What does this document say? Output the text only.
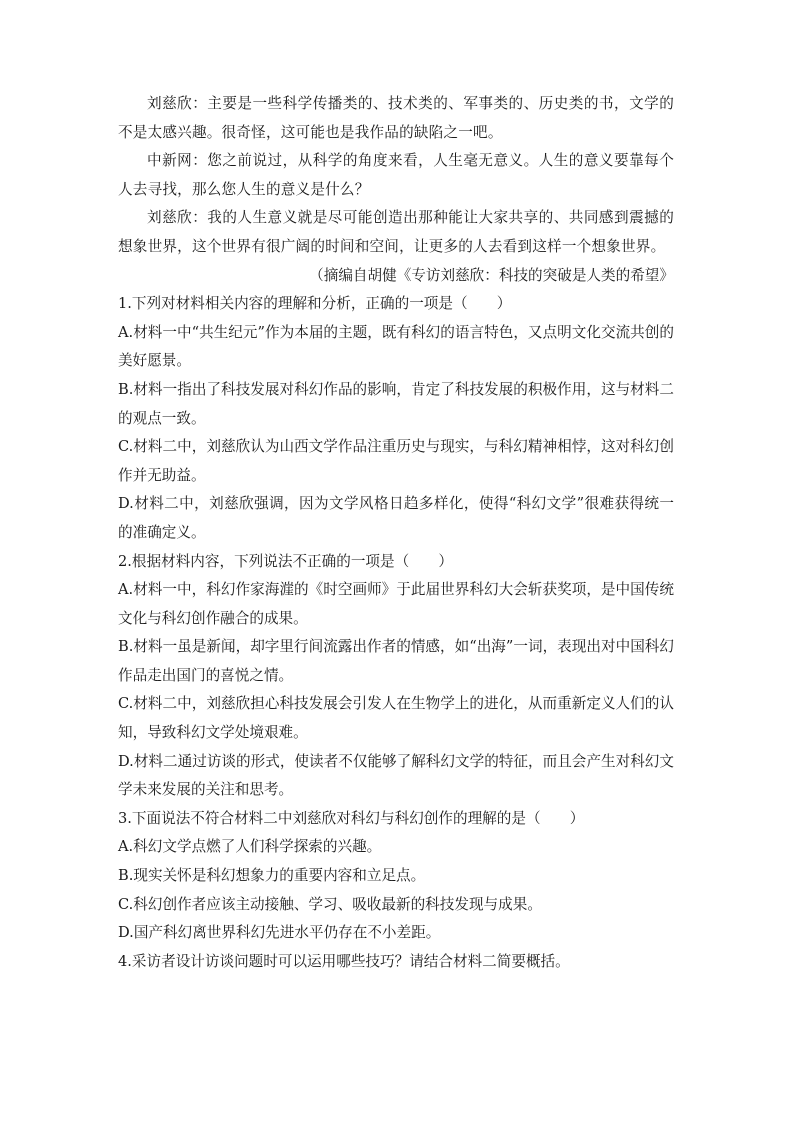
刘慈欣：主要是一些科学传播类的、技术类的、军事类的、历史类的书，文学的不是太感兴趣。很奇怪，这可能也是我作品的缺陷之一吧。

中新网：您之前说过，从科学的角度来看，人生毫无意义。人生的意义要靠每个人去寻找，那么您人生的意义是什么？

刘慈欣：我的人生意义就是尽可能创造出那种能让大家共享的、共同感到震撼的想象世界，这个世界有很广阔的时间和空间，让更多的人去看到这样一个想象世界。

（摘编自胡健《专访刘慈欣：科技的突破是人类的希望》

1.下列对材料相关内容的理解和分析，正确的一项是（　　）

A.材料一中“共生纪元”作为本届的主题，既有科幻的语言特色，又点明文化交流共创的美好愿景。

B.材料一指出了科技发展对科幻作品的影响，肯定了科技发展的积极作用，这与材料二的观点一致。

C.材料二中，刘慈欣认为山西文学作品注重历史与现实，与科幻精神相悖，这对科幻创作并无助益。

D.材料二中，刘慈欣强调，因为文学风格日趋多样化，使得“科幻文学”很难获得统一的准确定义。

2.根据材料内容，下列说法不正确的一项是（　　）

A.材料一中，科幻作家海漄的《时空画师》于此届世界科幻大会斩获奖项，是中国传统文化与科幻创作融合的成果。

B.材料一虽是新闻，却字里行间流露出作者的情感，如“出海”一词，表现出对中国科幻作品走出国门的喜悦之情。

C.材料二中，刘慈欣担心科技发展会引发人在生物学上的进化，从而重新定义人们的认知，导致科幻文学处境艰难。

D.材料二通过访谈的形式，使读者不仅能够了解科幻文学的特征，而且会产生对科幻文学未来发展的关注和思考。

3.下面说法不符合材料二中刘慈欣对科幻与科幻创作的理解的是（　　）

A.科幻文学点燃了人们科学探索的兴趣。

B.现实关怀是科幻想象力的重要内容和立足点。

C.科幻创作者应该主动接触、学习、吸收最新的科技发现与成果。

D.国产科幻离世界科幻先进水平仍存在不小差距。

4.采访者设计访谈问题时可以运用哪些技巧？请结合材料二简要概括。
